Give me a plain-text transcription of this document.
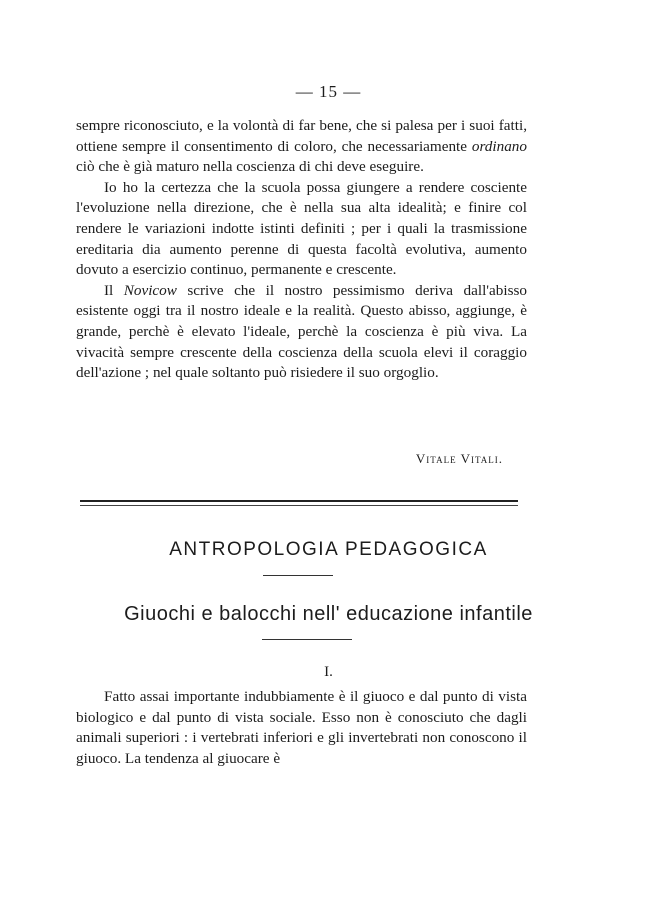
— 15 —

sempre riconosciuto, e la volontà di far bene, che si palesa per i suoi fatti, ottiene sempre il consentimento di coloro, che necessariamente ordinano ciò che è già maturo nella coscienza di chi deve eseguire.

Io ho la certezza che la scuola possa giungere a rendere cosciente l'evoluzione nella direzione, che è nella sua alta idealità; e finire col rendere le variazioni indotte istinti definiti ; per i quali la trasmissione ereditaria dia aumento perenne di questa facoltà evolutiva, aumento dovuto a esercizio continuo, permanente e crescente.

Il Novicow scrive che il nostro pessimismo deriva dall'abisso esistente oggi tra il nostro ideale e la realità. Questo abisso, aggiunge, è grande, perchè è elevato l'ideale, perchè la coscienza è più viva. La vivacità sempre crescente della coscienza della scuola elevi il coraggio dell'azione ; nel quale soltanto può risiedere il suo orgoglio.

Vitale Vitali.
ANTROPOLOGIA PEDAGOGICA
Giuochi e balocchi nell' educazione infantile
I.

Fatto assai importante indubbiamente è il giuoco e dal punto di vista biologico e dal punto di vista sociale. Esso non è conosciuto che dagli animali superiori : i vertebrati inferiori e gli invertebrati non conoscono il giuoco. La tendenza al giuocare è
